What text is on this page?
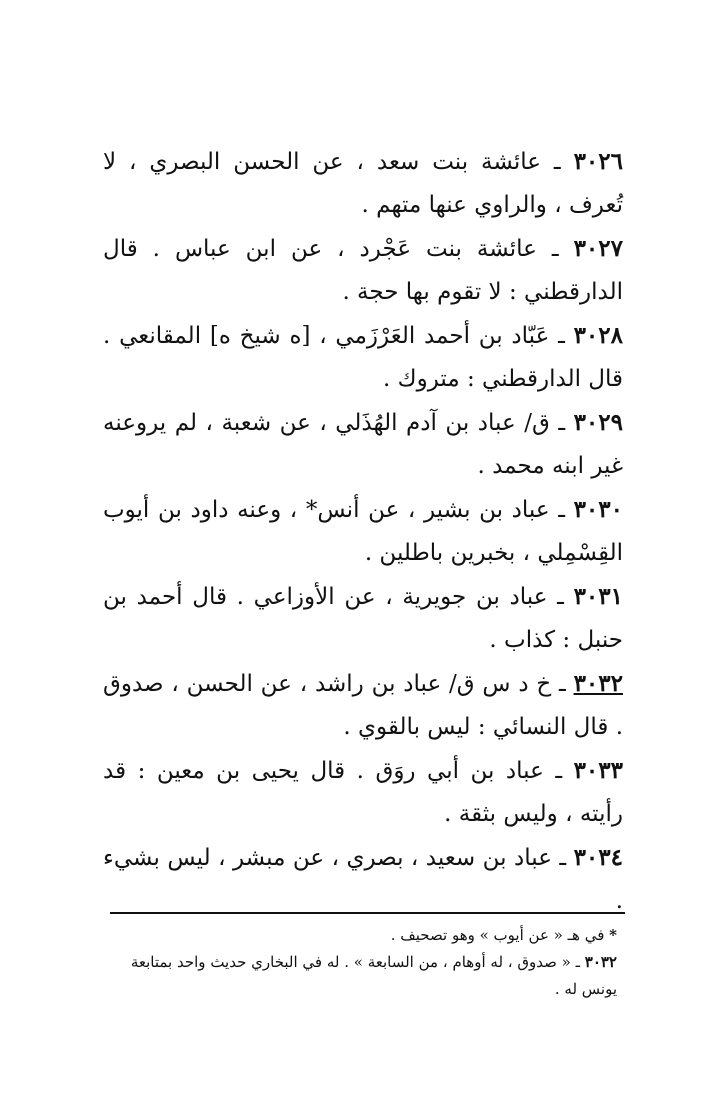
٣٠٢٦ ـ عائشة بنت سعد ، عن الحسن البصري ، لا تُعرف ، والراوي عنها متهم .

٣٠٢٧ ـ عائشة بنت عَجْرد ، عن ابن عباس . قال الدارقطني : لا تقوم بها حجة .

٣٠٢٨ ـ عَبّاد بن أحمد العَرْزَمي ، [ه شيخ ه] المقانعي . قال الدارقطني : متروك .

٣٠٢٩ ـ ق/ عباد بن آدم الهُذَلي ، عن شعبة ، لم يروعنه غير ابنه محمد .

٣٠٣٠ ـ عباد بن بشير ، عن أنس* ، وعنه داود بن أيوب القِسْمِلي ، بخبرين باطلين .

٣٠٣١ ـ عباد بن جويرية ، عن الأوزاعي . قال أحمد بن حنبل : كذاب .

٣٠٣٢ ـ خ د س ق/ عباد بن راشد ، عن الحسن ، صدوق . قال النسائي : ليس بالقوي .

٣٠٣٣ ـ عباد بن أبي روَق . قال يحيى بن معين : قد رأيته ، وليس بثقة .

٣٠٣٤ ـ عباد بن سعيد ، بصري ، عن مبشر ، ليس بشيء .

* في هـ « عن أيوب » وهو تصحيف .
٣٠٣٢ ـ « صدوق ، له أوهام ، من السابعة » . له في البخاري حديث واحد بمتابعة يونس له .
